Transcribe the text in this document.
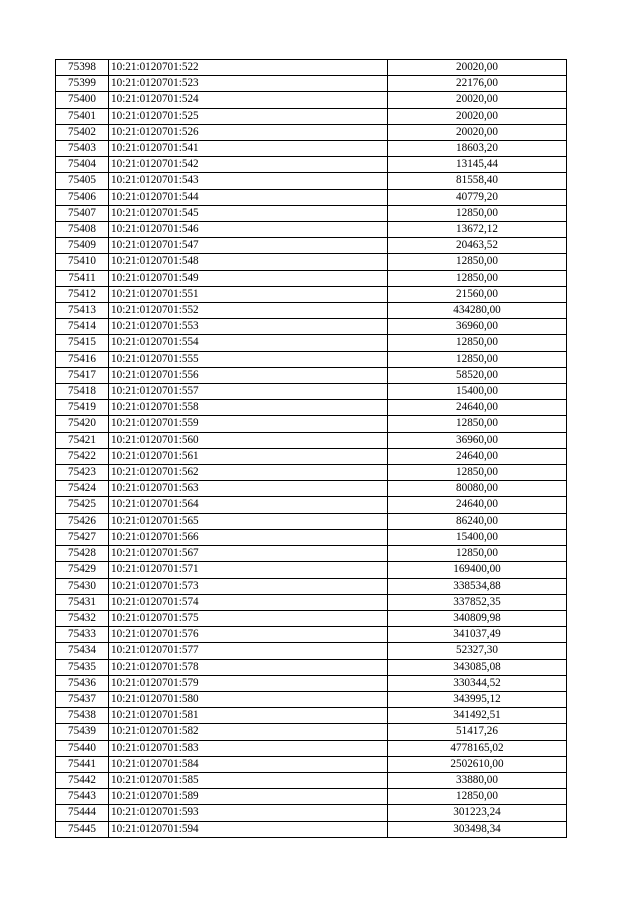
75398	10:21:0120701:522	20020,00
75399	10:21:0120701:523	22176,00
75400	10:21:0120701:524	20020,00
75401	10:21:0120701:525	20020,00
75402	10:21:0120701:526	20020,00
75403	10:21:0120701:541	18603,20
75404	10:21:0120701:542	13145,44
75405	10:21:0120701:543	81558,40
75406	10:21:0120701:544	40779,20
75407	10:21:0120701:545	12850,00
75408	10:21:0120701:546	13672,12
75409	10:21:0120701:547	20463,52
75410	10:21:0120701:548	12850,00
75411	10:21:0120701:549	12850,00
75412	10:21:0120701:551	21560,00
75413	10:21:0120701:552	434280,00
75414	10:21:0120701:553	36960,00
75415	10:21:0120701:554	12850,00
75416	10:21:0120701:555	12850,00
75417	10:21:0120701:556	58520,00
75418	10:21:0120701:557	15400,00
75419	10:21:0120701:558	24640,00
75420	10:21:0120701:559	12850,00
75421	10:21:0120701:560	36960,00
75422	10:21:0120701:561	24640,00
75423	10:21:0120701:562	12850,00
75424	10:21:0120701:563	80080,00
75425	10:21:0120701:564	24640,00
75426	10:21:0120701:565	86240,00
75427	10:21:0120701:566	15400,00
75428	10:21:0120701:567	12850,00
75429	10:21:0120701:571	169400,00
75430	10:21:0120701:573	338534,88
75431	10:21:0120701:574	337852,35
75432	10:21:0120701:575	340809,98
75433	10:21:0120701:576	341037,49
75434	10:21:0120701:577	52327,30
75435	10:21:0120701:578	343085,08
75436	10:21:0120701:579	330344,52
75437	10:21:0120701:580	343995,12
75438	10:21:0120701:581	341492,51
75439	10:21:0120701:582	51417,26
75440	10:21:0120701:583	4778165,02
75441	10:21:0120701:584	2502610,00
75442	10:21:0120701:585	33880,00
75443	10:21:0120701:589	12850,00
75444	10:21:0120701:593	301223,24
75445	10:21:0120701:594	303498,34
